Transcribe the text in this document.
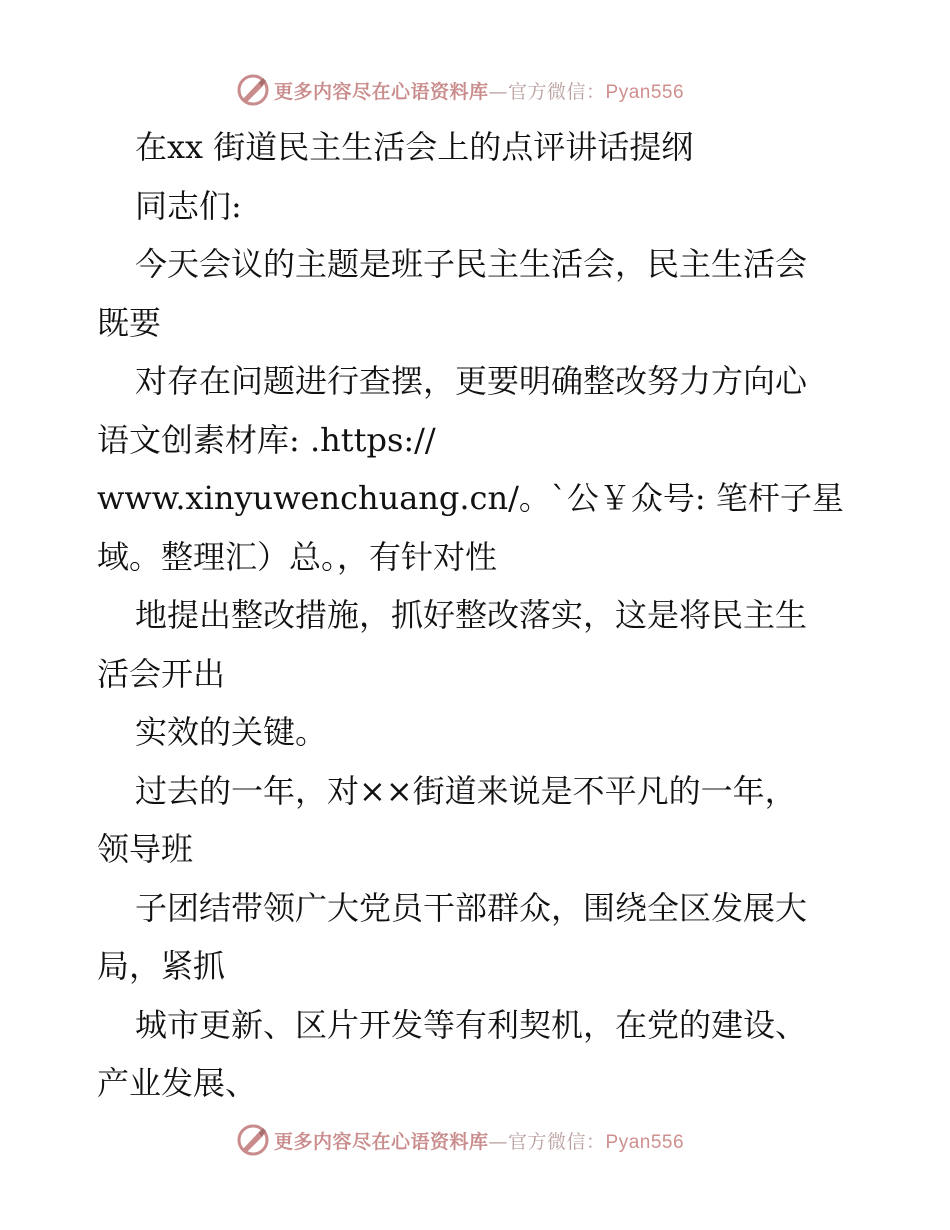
更多内容尽在心语资料库—官方微信：Pyan556
在xx 街道民主生活会上的点评讲话提纲
同志们:
今天会议的主题是班子民主生活会，民主生活会
既要
对存在问题进行查摆，更要明确整改努力方向心
语文创素材库: .https://
www.xinyuwenchuang.cn/。`公￥众号: 笔杆子星
域。整理汇）总。，有针对性
地提出整改措施，抓好整改落实，这是将民主生
活会开出
实效的关键。
过去的一年，对××街道来说是不平凡的一年，
领导班
子团结带领广大党员干部群众，围绕全区发展大
局，紧抓
城市更新、区片开发等有利契机，在党的建设、
产业发展、
更多内容尽在心语资料库—官方微信：Pyan556
